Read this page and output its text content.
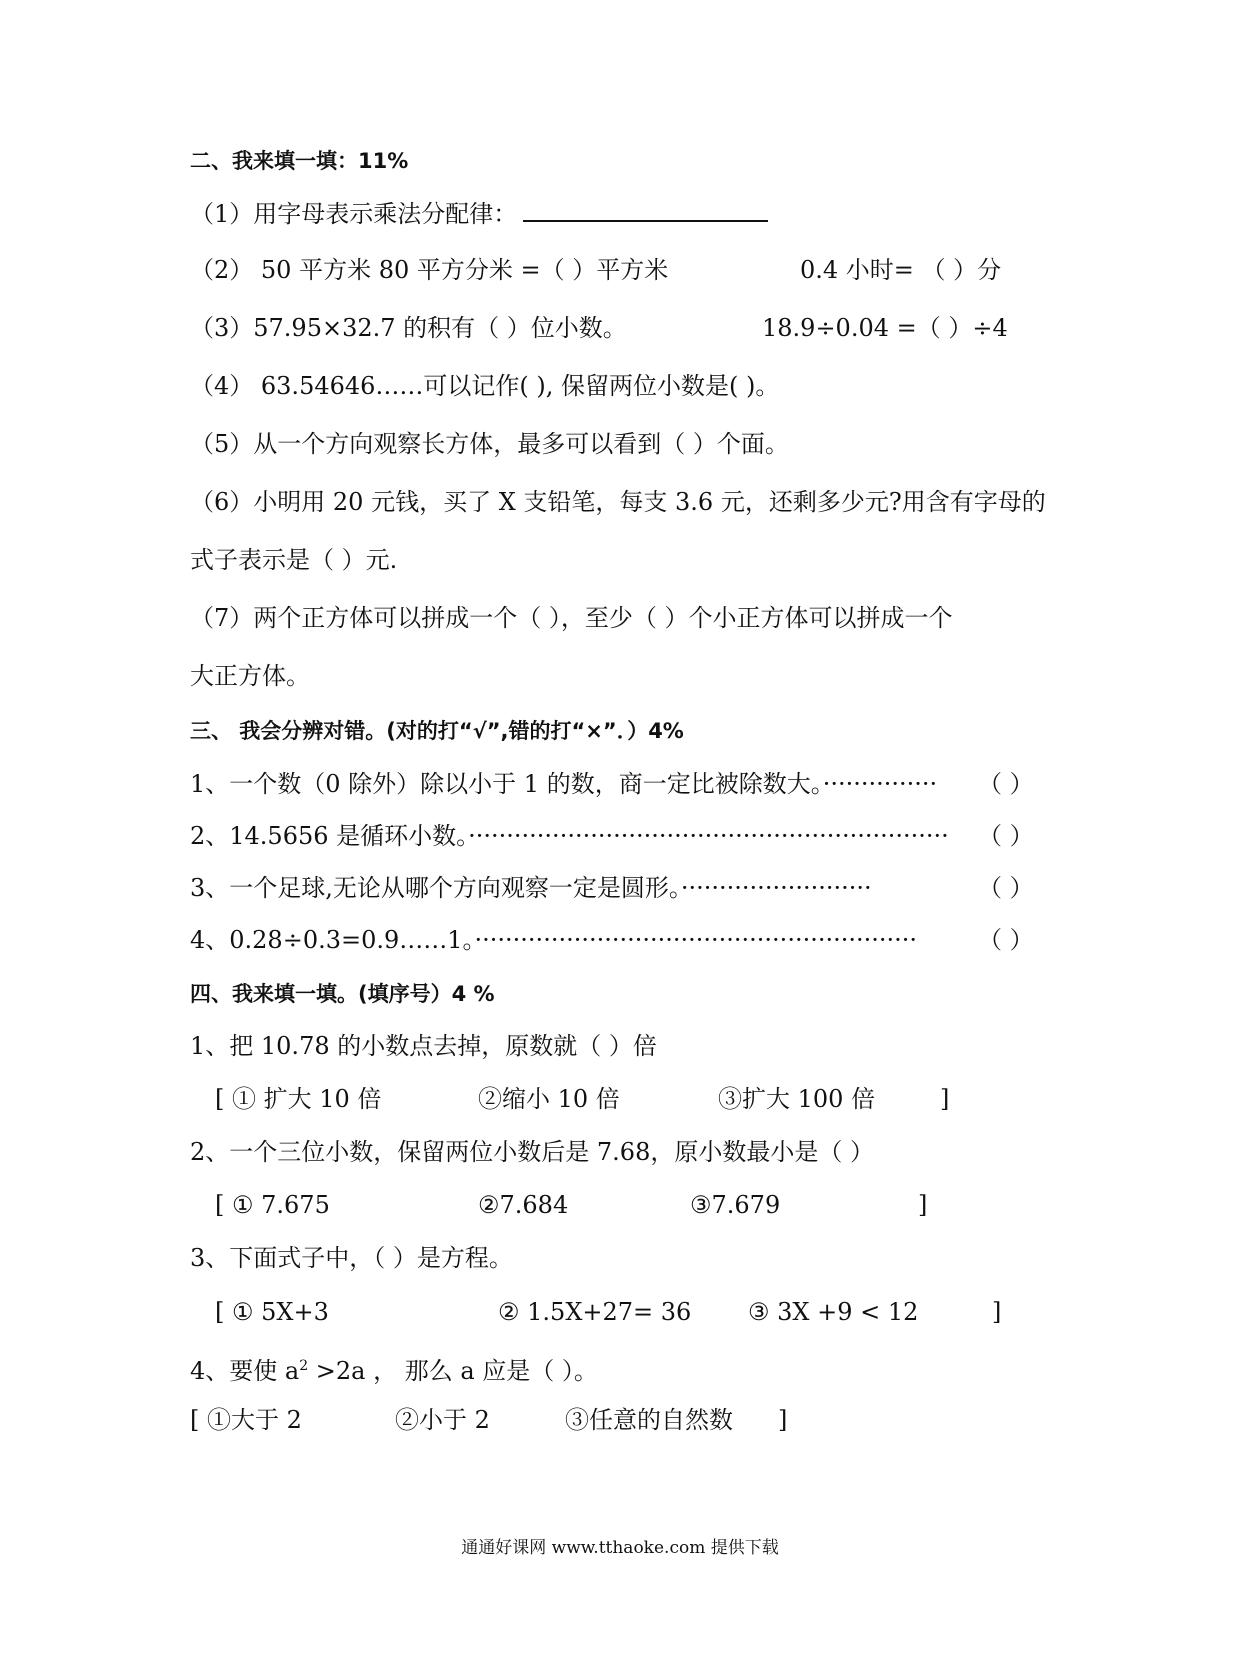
二、我来填一填：11%
（1）用字母表示乘法分配律：
（2） 50 平方米 80 平方分米 =（ ）平方米	0.4 小时= （ ）分
（3）57.95×32.7 的积有（ ）位小数。	18.9÷0.04 =（ ）÷4
（4） 63.54646……可以记作( ), 保留两位小数是( )。
（5）从一个方向观察长方体，最多可以看到（ ）个面。
（6）小明用 20 元钱，买了 X 支铅笔，每支 3.6 元，还剩多少元?用含有字母的
式子表示是（ ）元.
（7）两个正方体可以拼成一个（ ），至少（ ）个小正方体可以拼成一个
大正方体。
三、 我会分辨对错。(对的打“√”,错的打“×”．）4%
1、一个数（0 除外）除以小于 1 的数，商一定比被除数大。··············· （ ）
2、14.5656 是循环小数。······························································· （ ）
3、一个足球,无论从哪个方向观察一定是圆形。·························	（ ）
4、0.28÷0.3=0.9……1。··························································	（ ）
四、我来填一填。(填序号）4 %
1、把 10.78 的小数点去掉，原数就（ ）倍
[ ① 扩大 10 倍	②缩小 10 倍	③扩大 100 倍	]
2、一个三位小数，保留两位小数后是 7.68，原小数最小是（ ）
[ ① 7.675	②7.684	③7.679	]
3、下面式子中，（ ）是方程。
[ ① 5X+3	② 1.5X+27= 36 ③ 3X +9 < 12	]
4、要使 $a^2 >2a$ ， 那么 a 应是（ ）。
[ ①大于 2	②小于 2	③任意的自然数 ]
通通好课网 www.tthaoke.com 提供下载
